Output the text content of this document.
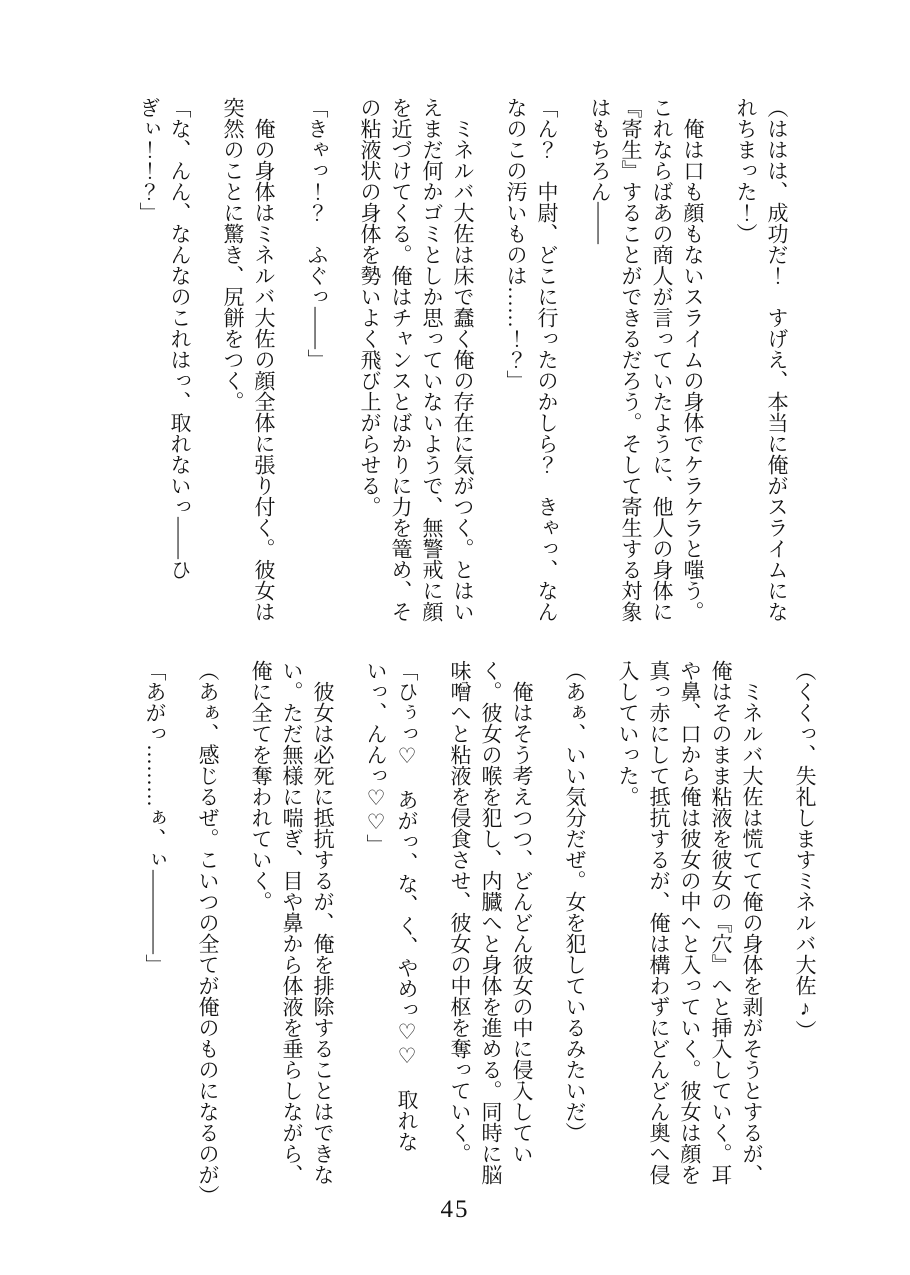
（ははは、成功だ！　すげえ、本当に俺がスライムになれちまった！）

　俺は口も顔もないスライムの身体でケラケラと嗤う。これならばあの商人が言っていたように、他人の身体に『寄生』することができるだろう。そして寄生する対象はもちろん――

「ん？　中尉、どこに行ったのかしら？　きゃっ、なんなのこの汚いものは……！？」

　ミネルバ大佐は床で蠢く俺の存在に気がつく。とはいえまだ何かゴミとしか思っていないようで、無警戒に顔を近づけてくる。俺はチャンスとばかりに力を篭め、その粘液状の身体を勢いよく飛び上がらせる。

「きゃっ！？　ふぐっ――」

　俺の身体はミネルバ大佐の顔全体に張り付く。彼女は突然のことに驚き、尻餅をつく。

「な、んん、なんなのこれはっ、取れないっ――ひぎぃ！！？」

（くくっ、失礼しますミネルバ大佐♪）

　ミネルバ大佐は慌てて俺の身体を剥がそうとするが、俺はそのまま粘液を彼女の『穴』へと挿入していく。耳や鼻、口から俺は彼女の中へと入っていく。彼女は顔を真っ赤にして抵抗するが、俺は構わずにどんどん奥へ侵入していった。

（あぁ、いい気分だぜ。女を犯しているみたいだ）

　俺はそう考えつつ、どんどん彼女の中に侵入していく。彼女の喉を犯し、内臓へと身体を進める。同時に脳味噌へと粘液を侵食させ、彼女の中枢を奪っていく。

「ひぅっ♡　あがっ、な、く、やめっ♡♡　取れないっ、んんっ♡♡」

　彼女は必死に抵抗するが、俺を排除することはできない。ただ無様に喘ぎ、目や鼻から体液を垂らしながら、俺に全てを奪われていく。

（あぁ、感じるぜ。こいつの全てが俺のものになるのが）

「あがっ………ぁ、ぃ――――」

45
